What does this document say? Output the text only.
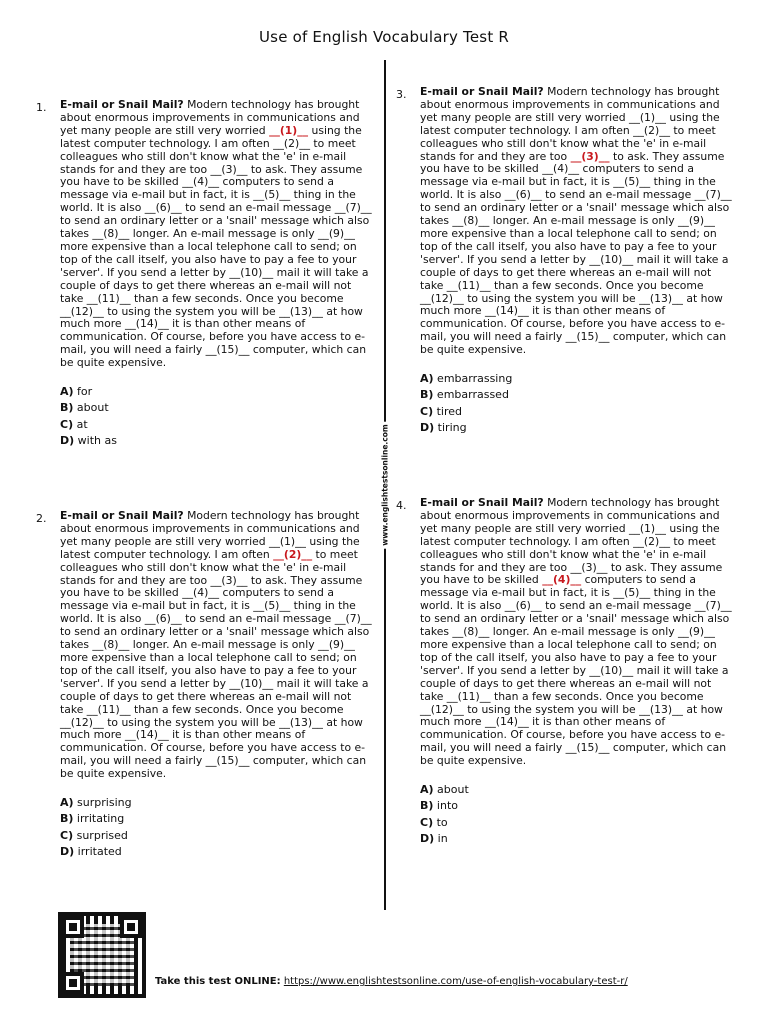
Use of English Vocabulary Test R
www.englishtestsonline.com
1. E-mail or Snail Mail? Modern technology has brought about enormous improvements in communications and yet many people are still very worried __(1)__ using the latest computer technology. I am often __(2)__ to meet colleagues who still don't know what the 'e' in e-mail stands for and they are too __(3)__ to ask. They assume you have to be skilled __(4)__ computers to send a message via e-mail but in fact, it is __(5)__ thing in the world. It is also __(6)__ to send an e-mail message __(7)__ to send an ordinary letter or a 'snail' message which also takes __(8)__ longer. An e-mail message is only __(9)__ more expensive than a local telephone call to send; on top of the call itself, you also have to pay a fee to your 'server'. If you send a letter by __(10)__ mail it will take a couple of days to get there whereas an e-mail will not take __(11)__ than a few seconds. Once you become __(12)__ to using the system you will be __(13)__ at how much more __(14)__ it is than other means of communication. Of course, before you have access to e-mail, you will need a fairly __(15)__ computer, which can be quite expensive.

A) for
B) about
C) at
D) with as
2. E-mail or Snail Mail? Modern technology has brought about enormous improvements in communications and yet many people are still very worried __(1)__ using the latest computer technology. I am often __(2)__ to meet colleagues who still don't know what the 'e' in e-mail stands for and they are too __(3)__ to ask. They assume you have to be skilled __(4)__ computers to send a message via e-mail but in fact, it is __(5)__ thing in the world. It is also __(6)__ to send an e-mail message __(7)__ to send an ordinary letter or a 'snail' message which also takes __(8)__ longer. An e-mail message is only __(9)__ more expensive than a local telephone call to send; on top of the call itself, you also have to pay a fee to your 'server'. If you send a letter by __(10)__ mail it will take a couple of days to get there whereas an e-mail will not take __(11)__ than a few seconds. Once you become __(12)__ to using the system you will be __(13)__ at how much more __(14)__ it is than other means of communication. Of course, before you have access to e-mail, you will need a fairly __(15)__ computer, which can be quite expensive.

A) surprising
B) irritating
C) surprised
D) irritated
3. E-mail or Snail Mail? Modern technology has brought about enormous improvements in communications and yet many people are still very worried __(1)__ using the latest computer technology. I am often __(2)__ to meet colleagues who still don't know what the 'e' in e-mail stands for and they are too __(3)__ to ask. They assume you have to be skilled __(4)__ computers to send a message via e-mail but in fact, it is __(5)__ thing in the world. It is also __(6)__ to send an e-mail message __(7)__ to send an ordinary letter or a 'snail' message which also takes __(8)__ longer. An e-mail message is only __(9)__ more expensive than a local telephone call to send; on top of the call itself, you also have to pay a fee to your 'server'. If you send a letter by __(10)__ mail it will take a couple of days to get there whereas an e-mail will not take __(11)__ than a few seconds. Once you become __(12)__ to using the system you will be __(13)__ at how much more __(14)__ it is than other means of communication. Of course, before you have access to e-mail, you will need a fairly __(15)__ computer, which can be quite expensive.

A) embarrassing
B) embarrassed
C) tired
D) tiring
4. E-mail or Snail Mail? Modern technology has brought about enormous improvements in communications and yet many people are still very worried __(1)__ using the latest computer technology. I am often __(2)__ to meet colleagues who still don't know what the 'e' in e-mail stands for and they are too __(3)__ to ask. They assume you have to be skilled __(4)__ computers to send a message via e-mail but in fact, it is __(5)__ thing in the world. It is also __(6)__ to send an e-mail message __(7)__ to send an ordinary letter or a 'snail' message which also takes __(8)__ longer. An e-mail message is only __(9)__ more expensive than a local telephone call to send; on top of the call itself, you also have to pay a fee to your 'server'. If you send a letter by __(10)__ mail it will take a couple of days to get there whereas an e-mail will not take __(11)__ than a few seconds. Once you become __(12)__ to using the system you will be __(13)__ at how much more __(14)__ it is than other means of communication. Of course, before you have access to e-mail, you will need a fairly __(15)__ computer, which can be quite expensive.

A) about
B) into
C) to
D) in
Take this test ONLINE: https://www.englishtestsonline.com/use-of-english-vocabulary-test-r/
